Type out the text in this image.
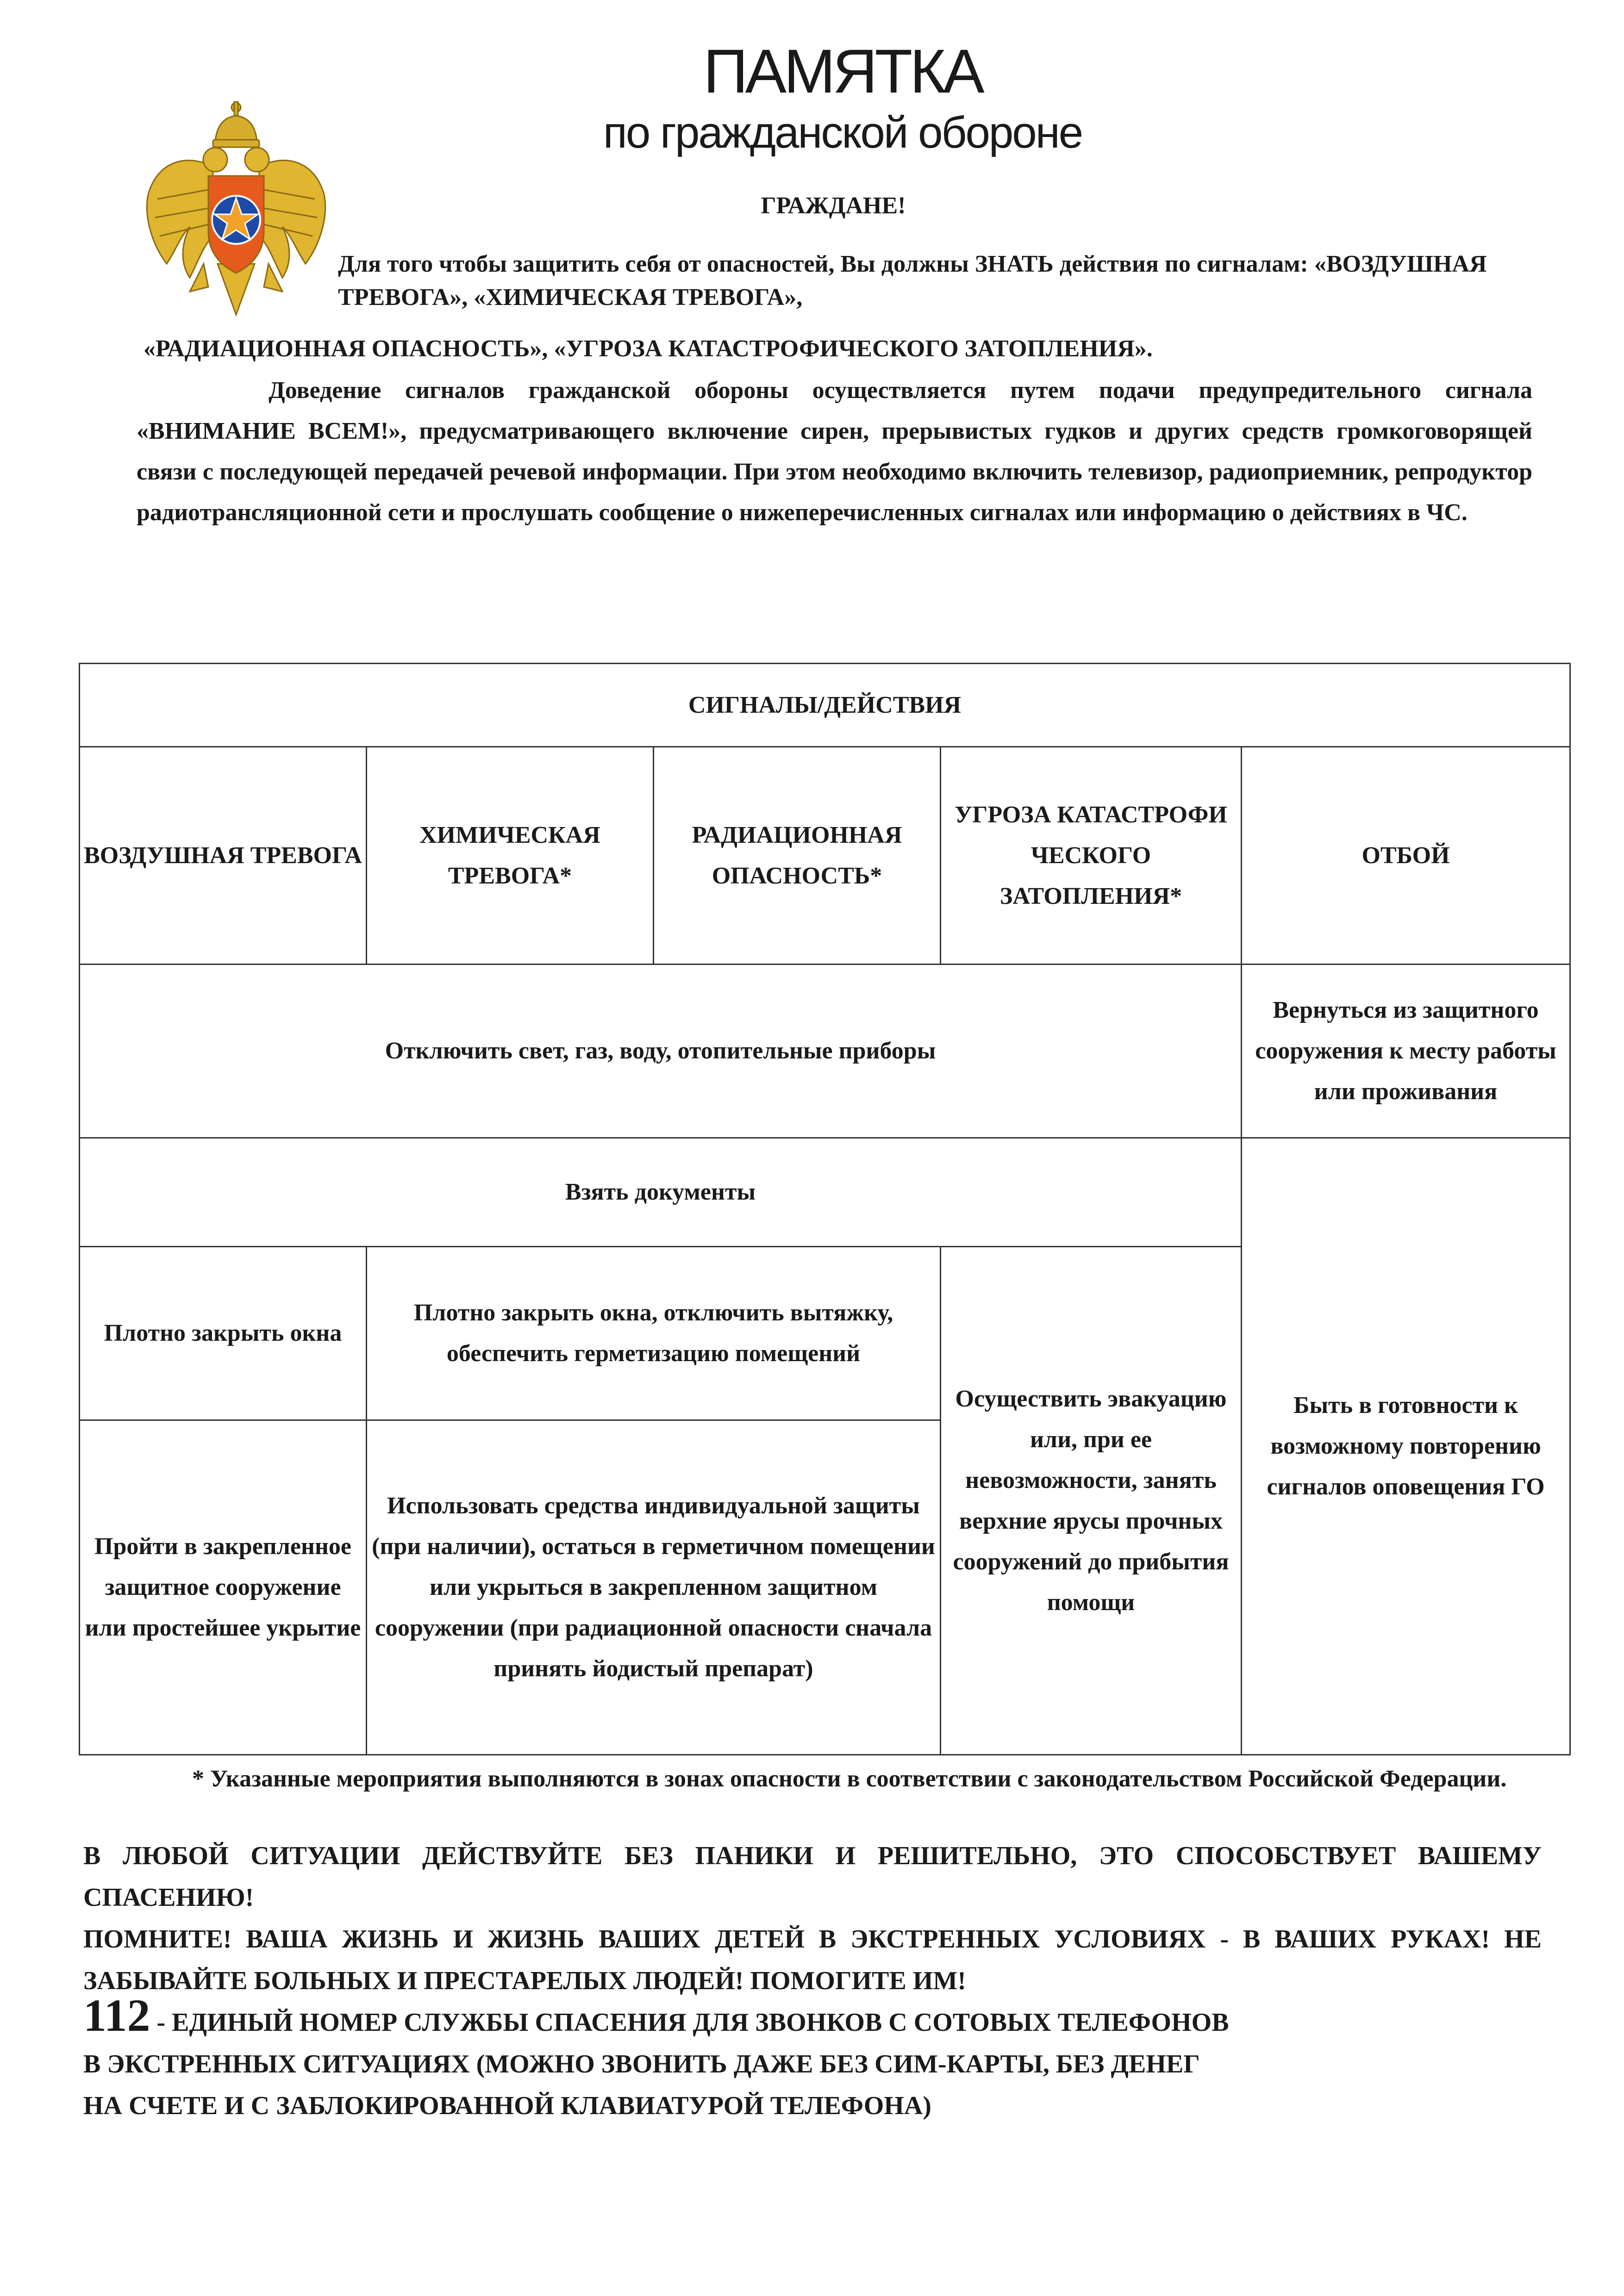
ПАМЯТКА
по гражданской обороне
ГРАЖДАНЕ!
Для того чтобы защитить себя от опасностей, Вы должны ЗНАТЬ действия по сигналам: «ВОЗДУШНАЯ ТРЕВОГА», «ХИМИЧЕСКАЯ ТРЕВОГА»,
«РАДИАЦИОННАЯ ОПАСНОСТЬ», «УГРОЗА КАТАСТРОФИЧЕСКОГО ЗАТОПЛЕНИЯ».
Доведение сигналов гражданской обороны осуществляется путем подачи предупредительного сигнала «ВНИМАНИЕ ВСЕМ!», предусматривающего включение сирен, прерывистых гудков и других средств громкоговорящей связи с последующей передачей речевой информации. При этом необходимо включить телевизор, радиоприемник, репродуктор радиотрансляционной сети и прослушать сообщение о нижеперечисленных сигналах или информацию о действиях в ЧС.
СИГНАЛЫ/ДЕЙСТВИЯ				
ВОЗДУШНАЯ ТРЕВОГА	ХИМИЧЕСКАЯ ТРЕВОГА*	РАДИАЦИОННАЯ ОПАСНОСТЬ*	УГРОЗА КАТАСТРОФИ ЧЕСКОГО ЗАТОПЛЕНИЯ*	ОТБОЙ
Отключить свет, газ, воду, отопительные приборы				Вернуться из защитного сооружения к месту работы или проживания
Взять документы				Быть в готовности к возможному повторению сигналов оповещения ГО
Плотно закрыть окна	Плотно закрыть окна, отключить вытяжку, обеспечить герметизацию помещений		Осуществить эвакуацию или, при ее невозможности, занять верхние ярусы прочных сооружений до прибытия помощи	
Пройти в закрепленное защитное сооружение или простейшее укрытие	Использовать средства индивидуальной защиты (при наличии), остаться в герметичном помещении или укрыться в закрепленном защитном сооружении (при радиационной опасности сначала принять йодистый препарат)			
* Указанные мероприятия выполняются в зонах опасности в соответствии с законодательством Российской Федерации.
В ЛЮБОЙ СИТУАЦИИ ДЕЙСТВУЙТЕ БЕЗ ПАНИКИ И РЕШИТЕЛЬНО, ЭТО СПОСОБСТВУЕТ ВАШЕМУ СПАСЕНИЮ!
ПОМНИТЕ! ВАША ЖИЗНЬ И ЖИЗНЬ ВАШИХ ДЕТЕЙ В ЭКСТРЕННЫХ УСЛОВИЯХ - В ВАШИХ РУКАХ! НЕ ЗАБЫВАЙТЕ БОЛЬНЫХ И ПРЕСТАРЕЛЫХ ЛЮДЕЙ! ПОМОГИТЕ ИМ!
112 - ЕДИНЫЙ НОМЕР СЛУЖБЫ СПАСЕНИЯ ДЛЯ ЗВОНКОВ С СОТОВЫХ ТЕЛЕФОНОВ
В ЭКСТРЕННЫХ СИТУАЦИЯХ (МОЖНО ЗВОНИТЬ ДАЖЕ БЕЗ СИМ-КАРТЫ, БЕЗ ДЕНЕГ
НА СЧЕТЕ И С ЗАБЛОКИРОВАННОЙ КЛАВИАТУРОЙ ТЕЛЕФОНА)
